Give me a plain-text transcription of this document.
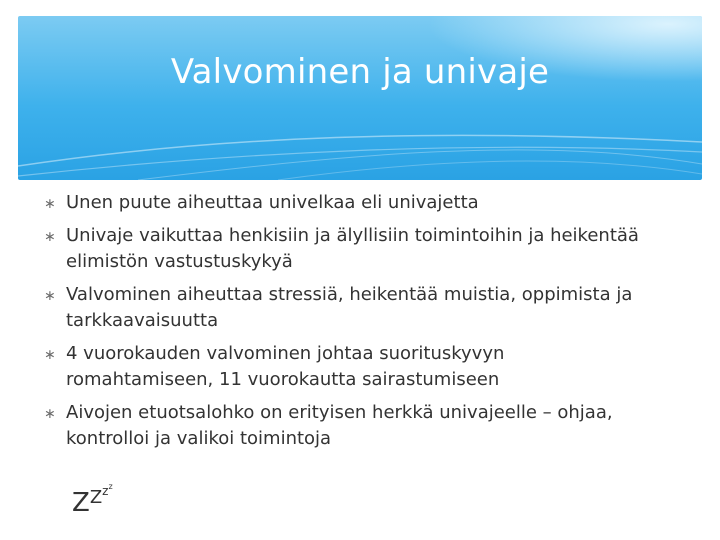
Valvominen ja univaje
∗ Unen puute aiheuttaa univelkaa eli univajetta
∗ Univaje vaikuttaa henkisiin ja älyllisiin toimintoihin ja heikentää elimistön vastustuskykyä
∗ Valvominen aiheuttaa stressiä, heikentää muistia, oppimista ja tarkkaavaisuutta
∗ 4 vuorokauden valvominen johtaa suorituskyvyn romahtamiseen, 11 vuorokautta sairastumiseen
∗ Aivojen etuotsalohko on erityisen herkkä univajeelle – ohjaa, kontrolloi ja valikoi toimintoja
$ZZ^{zz}$
